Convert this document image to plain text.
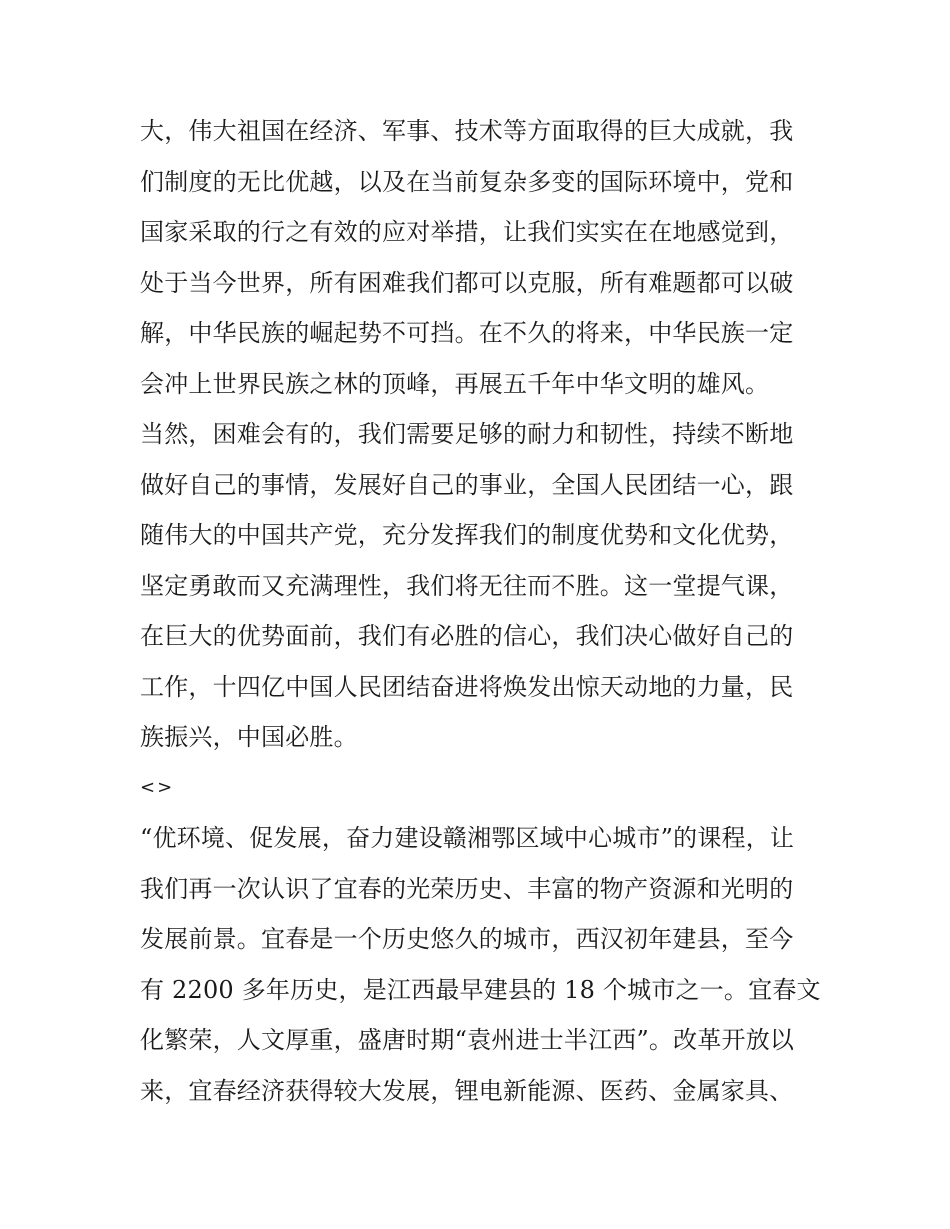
大，伟大祖国在经济、军事、技术等方面取得的巨大成就，我
们制度的无比优越，以及在当前复杂多变的国际环境中，党和
国家采取的行之有效的应对举措，让我们实实在在地感觉到，
处于当今世界，所有困难我们都可以克服，所有难题都可以破
解，中华民族的崛起势不可挡。在不久的将来，中华民族一定
会冲上世界民族之林的顶峰，再展五千年中华文明的雄风。
当然，困难会有的，我们需要足够的耐力和韧性，持续不断地
做好自己的事情，发展好自己的事业，全国人民团结一心，跟
随伟大的中国共产党，充分发挥我们的制度优势和文化优势，
坚定勇敢而又充满理性，我们将无往而不胜。这一堂提气课，
在巨大的优势面前，我们有必胜的信心，我们决心做好自己的
工作，十四亿中国人民团结奋进将焕发出惊天动地的力量，民
族振兴，中国必胜。
<>
“优环境、促发展，奋力建设赣湘鄂区域中心城市”的课程，让
我们再一次认识了宜春的光荣历史、丰富的物产资源和光明的
发展前景。宜春是一个历史悠久的城市，西汉初年建县，至今
有 2200 多年历史，是江西最早建县的 18 个城市之一。宜春文
化繁荣，人文厚重，盛唐时期“袁州进士半江西”。改革开放以
来，宜春经济获得较大发展，锂电新能源、医药、金属家具、
